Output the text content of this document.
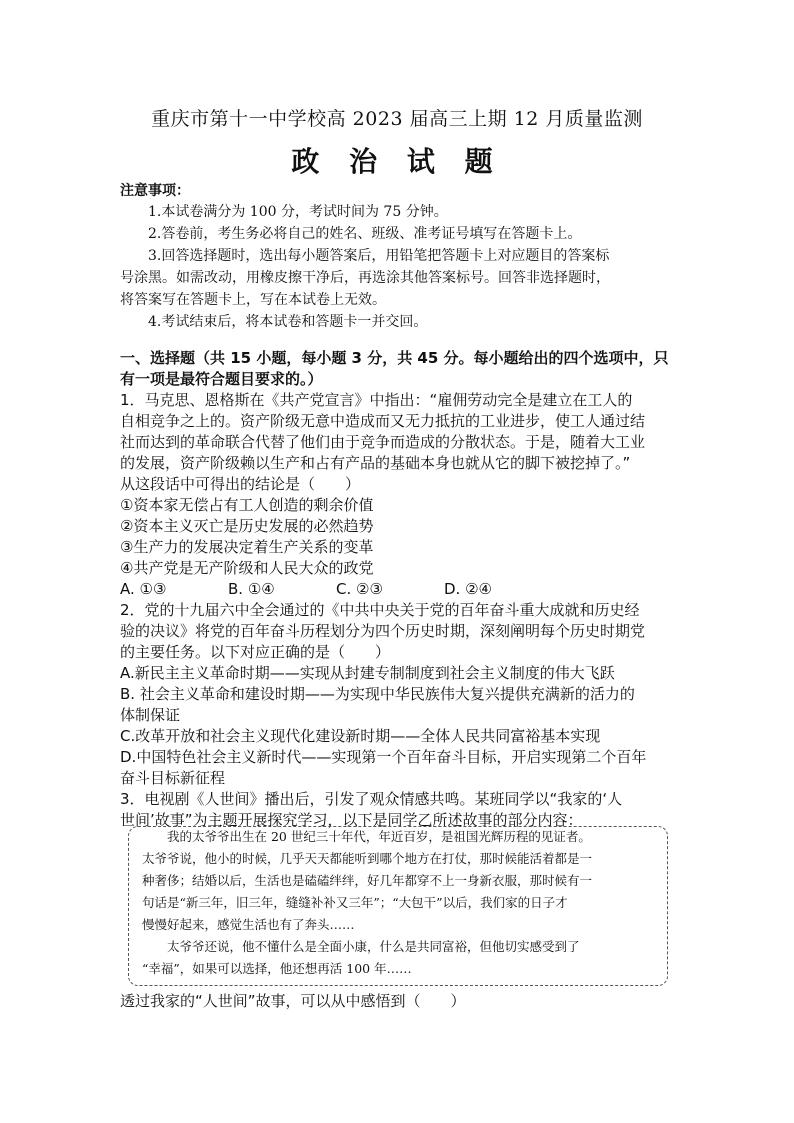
重庆市第十一中学校高 2023 届高三上期 12 月质量监测
政 治 试 题
注意事项：
1.本试卷满分为 100 分，考试时间为 75 分钟。
2.答卷前，考生务必将自己的姓名、班级、准考证号填写在答题卡上。
3.回答选择题时，选出每小题答案后，用铅笔把答题卡上对应题目的答案标
号涂黑。如需改动，用橡皮擦干净后，再选涂其他答案标号。回答非选择题时，
将答案写在答题卡上，写在本试卷上无效。
4.考试结束后，将本试卷和答题卡一并交回。
一、选择题（共 15 小题，每小题 3 分，共 45 分。每小题给出的四个选项中，只
有一项是最符合题目要求的。）
1．马克思、恩格斯在《共产党宣言》中指出：“雇佣劳动完全是建立在工人的
自相竞争之上的。资产阶级无意中造成而又无力抵抗的工业进步，使工人通过结
社而达到的革命联合代替了他们由于竞争而造成的分散状态。于是，随着大工业
的发展，资产阶级赖以生产和占有产品的基础本身也就从它的脚下被挖掉了。”
从这段话中可得出的结论是（　　）
①资本家无偿占有工人创造的剩余价值
②资本主义灭亡是历史发展的必然趋势
③生产力的发展决定着生产关系的变革
④共产党是无产阶级和人民大众的政党
A. ①③	B. ①④	C. ②③	D. ②④
2．党的十九届六中全会通过的《中共中央关于党的百年奋斗重大成就和历史经
验的决议》将党的百年奋斗历程划分为四个历史时期，深刻阐明每个历史时期党
的主要任务。以下对应正确的是（　　）
A.新民主主义革命时期——实现从封建专制制度到社会主义制度的伟大飞跃
B. 社会主义革命和建设时期——为实现中华民族伟大复兴提供充满新的活力的
体制保证
C.改革开放和社会主义现代化建设新时期——全体人民共同富裕基本实现
D.中国特色社会主义新时代——实现第一个百年奋斗目标，开启实现第二个百年
奋斗目标新征程
3．电视剧《人世间》播出后，引发了观众情感共鸣。某班同学以“我家的‘人
世间’故事”为主题开展探究学习，以下是同学乙所述故事的部分内容：
　　我的太爷爷出生在 20 世纪三十年代，年近百岁，是祖国光辉历程的见证者。
太爷爷说，他小的时候，几乎天天都能听到哪个地方在打仗，那时候能活着都是一
种奢侈；结婚以后，生活也是磕磕绊绊，好几年都穿不上一身新衣服，那时候有一
句话是“新三年，旧三年，缝缝补补又三年”；“大包干”以后，我们家的日子才
慢慢好起来，感觉生活也有了奔头……
　　太爷爷还说，他不懂什么是全面小康，什么是共同富裕，但他切实感受到了
“幸福”，如果可以选择，他还想再活 100 年……
透过我家的“人世间”故事，可以从中感悟到（　　）
